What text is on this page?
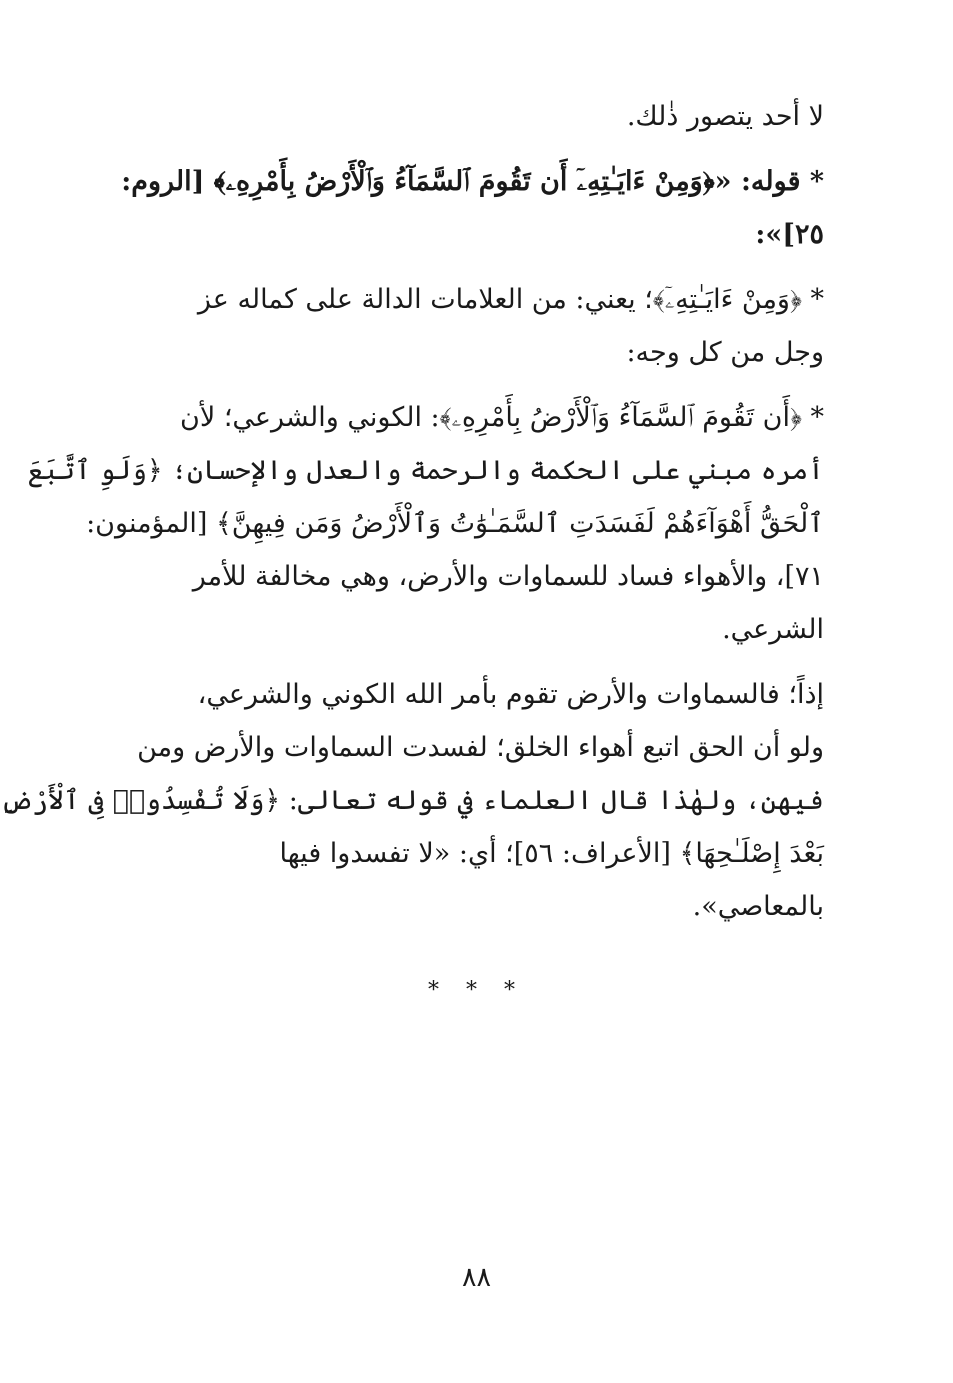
لا أحد يتصور ذٰلك.
* قوله: «﴿وَمِنْ ءَايَـٰتِهِۦٓ أَن تَقُومَ ٱلسَّمَآءُ وَٱلْأَرْضُ بِأَمْرِهِۦ﴾ [الروم:
٢٥]»:
* ﴿وَمِنْ ءَايَـٰتِهِۦٓ﴾؛ يعني: من العلامات الدالة على كماله عز
وجل من كل وجه:
* ﴿أَن تَقُومَ ٱلسَّمَآءُ وَٱلْأَرْضُ بِأَمْرِهِۦ﴾: الكوني والشرعي؛ لأن
أمره مبني على الحكمة والرحمة والعدل والإحسان؛ ﴿وَلَوِ ٱتَّبَعَ
ٱلْحَقُّ أَهْوَآءَهُمْ لَفَسَدَتِ ٱلسَّمَـٰوَٰتُ وَٱلْأَرْضُ وَمَن فِيهِنَّ﴾ [المؤمنون:
٧١]، والأهواء فساد للسماوات والأرض، وهي مخالفة للأمر
الشرعي.
إذاً؛ فالسماوات والأرض تقوم بأمر الله الكوني والشرعي،
ولو أن الحق اتبع أهواء الخلق؛ لفسدت السماوات والأرض ومن
فيهن، ولهٰذا قال العلماء في قوله تعالى: ﴿وَلَا تُفْسِدُوا۟ فِى ٱلْأَرْضِ
بَعْدَ إِصْلَـٰحِهَا﴾ [الأعراف: ٥٦]؛ أي: «لا تفسدوا فيها
بالمعاصي».
* * *
٨٨
